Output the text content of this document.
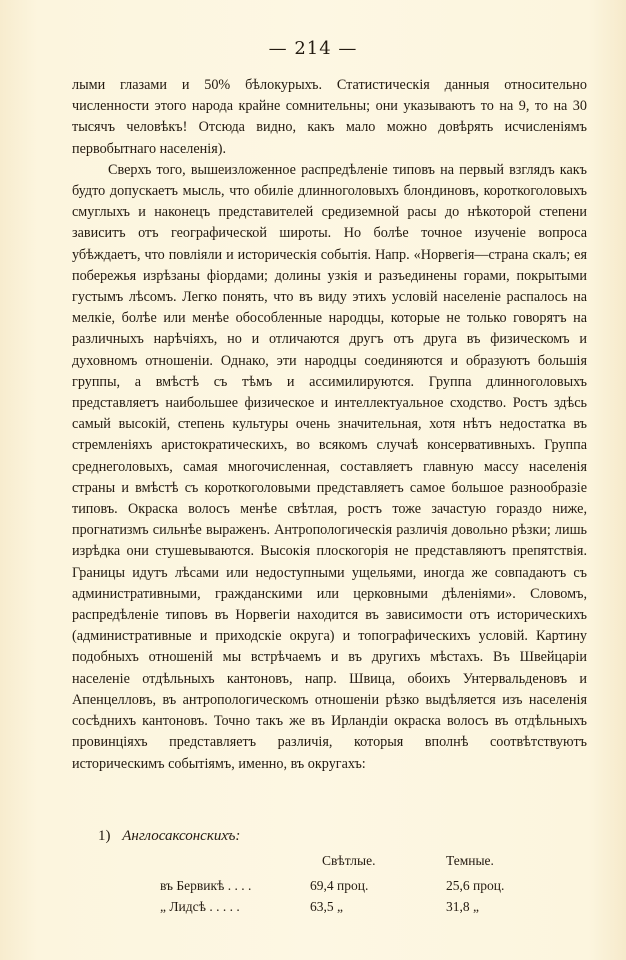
— 214 —

лыми глазами и 50% бѣлокурыхъ. Статистическія данныя относительно численности этого народа крайне сомнительны; они указываютъ то на 9, то на 30 тысячъ человѣкъ! Отсюда видно, какъ мало можно довѣрять исчисленіямъ первобытнаго населенія).

Сверхъ того, вышеизложенное распредѣленіе типовъ на первый взглядъ какъ будто допускаетъ мысль, что обиліе длинноголовыхъ блондиновъ, короткоголовыхъ смуглыхъ и наконецъ представителей средиземной расы до нѣкоторой степени зависитъ отъ географической широты. Но болѣе точное изученіе вопроса убѣждаетъ, что повліяли и историческія событія. Напр. «Норвегія—страна скалъ; ея побережья изрѣзаны фіордами; долины узкія и разъединены горами, покрытыми густымъ лѣсомъ. Легко понять, что въ виду этихъ условій населеніе распалось на мелкіе, болѣе или менѣе обособленные народцы, которые не только говорятъ на различныхъ нарѣчіяхъ, но и отличаются другъ отъ друга въ физическомъ и духовномъ отношеніи. Однако, эти народцы соединяются и образуютъ большія группы, а вмѣстѣ съ тѣмъ и ассимилируются. Группа длинноголовыхъ представляетъ наибольшее физическое и интеллектуальное сходство. Ростъ здѣсь самый высокій, степень культуры очень значительная, хотя нѣтъ недостатка въ стремленіяхъ аристократическихъ, во всякомъ случаѣ консервативныхъ. Группа среднеголовыхъ, самая многочисленная, составляетъ главную массу населенія страны и вмѣстѣ съ короткоголовыми представляетъ самое большое разнообразіе типовъ. Окраска волосъ менѣе свѣтлая, ростъ тоже зачастую гораздо ниже, прогнатизмъ сильнѣе выраженъ. Антропологическія различія довольно рѣзки; лишь изрѣдка они стушевываются. Высокія плоскогорія не представляютъ препятствія. Границы идутъ лѣсами или недоступными ущельями, иногда же совпадаютъ съ административными, гражданскими или церковными дѣленіями». Словомъ, распредѣленіе типовъ въ Норвегіи находится въ зависимости отъ историческихъ (административные и приходскіе округа) и топографическихъ условій. Картину подобныхъ отношеній мы встрѣчаемъ и въ другихъ мѣстахъ. Въ Швейцаріи населеніе отдѣльныхъ кантоновъ, напр. Швица, обоихъ Унтервальденовъ и Апенцелловъ, въ антропологическомъ отношеніи рѣзко выдѣляется изъ населенія сосѣднихъ кантоновъ. Точно такъ же въ Ирландіи окраска волосъ въ отдѣльныхъ провинціяхъ представляетъ различія, которыя вполнѣ соотвѣтствуютъ историческимъ событіямъ, именно, въ округахъ:

1) Англосаксонскихъ:
	Свѣтлые.	Темные.
въ Бервикѣ . . . .	69,4 проц.	25,6 проц.
„ Лидсѣ . . . . .	63,5 „	31,8 „
